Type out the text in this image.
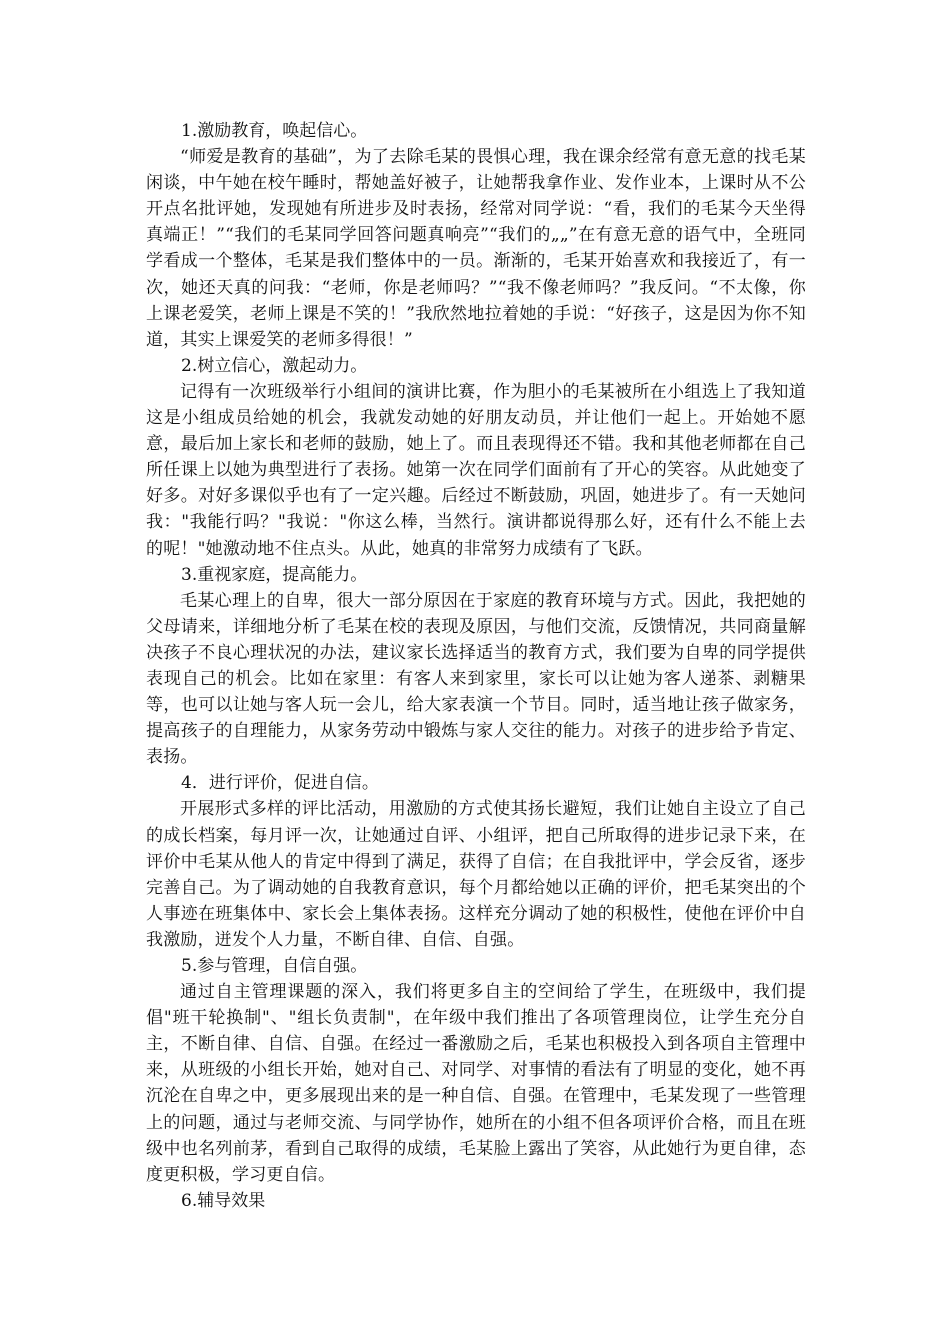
1.激励教育，唤起信心。

“师爱是教育的基础”，为了去除毛某的畏惧心理，我在课余经常有意无意的找毛某闲谈，中午她在校午睡时，帮她盖好被子，让她帮我拿作业、发作业本，上课时从不公开点名批评她，发现她有所进步及时表扬，经常对同学说：“看，我们的毛某今天坐得真端正！”“我们的毛某同学回答问题真响亮”“我们的„„”在有意无意的语气中，全班同学看成一个整体，毛某是我们整体中的一员。渐渐的，毛某开始喜欢和我接近了，有一次，她还天真的问我：“老师，你是老师吗？”“我不像老师吗？”我反问。“不太像，你上课老爱笑，老师上课是不笑的！”我欣然地拉着她的手说：“好孩子，这是因为你不知道，其实上课爱笑的老师多得很！”

2.树立信心，激起动力。

记得有一次班级举行小组间的演讲比赛，作为胆小的毛某被所在小组选上了我知道这是小组成员给她的机会，我就发动她的好朋友动员，并让他们一起上。开始她不愿意，最后加上家长和老师的鼓励，她上了。而且表现得还不错。我和其他老师都在自己所任课上以她为典型进行了表扬。她第一次在同学们面前有了开心的笑容。从此她变了好多。对好多课似乎也有了一定兴趣。后经过不断鼓励，巩固，她进步了。有一天她问我："我能行吗？"我说："你这么棒，当然行。演讲都说得那么好，还有什么不能上去的呢！"她激动地不住点头。从此，她真的非常努力成绩有了飞跃。

3.重视家庭，提高能力。

毛某心理上的自卑，很大一部分原因在于家庭的教育环境与方式。因此，我把她的父母请来，详细地分析了毛某在校的表现及原因，与他们交流，反馈情况，共同商量解决孩子不良心理状况的办法，建议家长选择适当的教育方式，我们要为自卑的同学提供表现自己的机会。比如在家里：有客人来到家里，家长可以让她为客人递茶、剥糖果等，也可以让她与客人玩一会儿，给大家表演一个节目。同时，适当地让孩子做家务，提高孩子的自理能力，从家务劳动中锻炼与家人交往的能力。对孩子的进步给予肯定、表扬。

4．进行评价，促进自信。

开展形式多样的评比活动，用激励的方式使其扬长避短，我们让她自主设立了自己的成长档案，每月评一次，让她通过自评、小组评，把自己所取得的进步记录下来，在评价中毛某从他人的肯定中得到了满足，获得了自信；在自我批评中，学会反省，逐步完善自己。为了调动她的自我教育意识，每个月都给她以正确的评价，把毛某突出的个人事迹在班集体中、家长会上集体表扬。这样充分调动了她的积极性，使他在评价中自我激励，迸发个人力量，不断自律、自信、自强。

5.参与管理，自信自强。

通过自主管理课题的深入，我们将更多自主的空间给了学生，在班级中，我们提倡"班干轮换制"、"组长负责制"，在年级中我们推出了各项管理岗位，让学生充分自主，不断自律、自信、自强。在经过一番激励之后，毛某也积极投入到各项自主管理中来，从班级的小组长开始，她对自己、对同学、对事情的看法有了明显的变化，她不再沉沦在自卑之中，更多展现出来的是一种自信、自强。在管理中，毛某发现了一些管理上的问题，通过与老师交流、与同学协作，她所在的小组不但各项评价合格，而且在班级中也名列前茅，看到自己取得的成绩，毛某脸上露出了笑容，从此她行为更自律，态度更积极，学习更自信。

6.辅导效果
